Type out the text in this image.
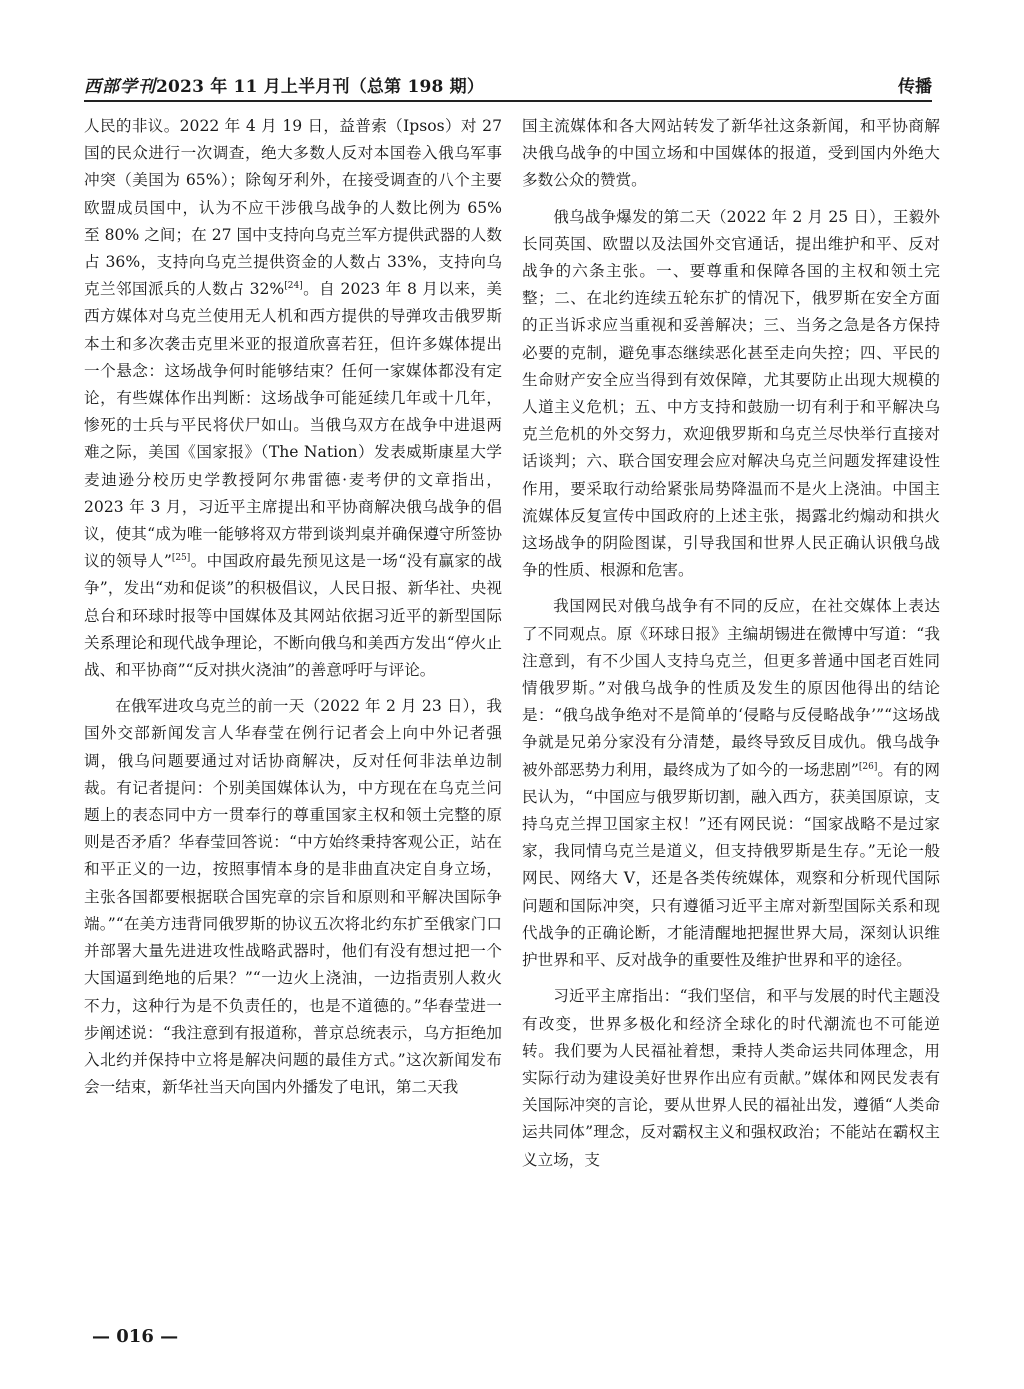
西部学刊2023 年 11 月上半月刊（总第 198 期）	传播

人民的非议。2022 年 4 月 19 日，益普索（Ipsos）对 27 国的民众进行一次调查，绝大多数人反对本国卷入俄乌军事冲突（美国为 65%）；除匈牙利外，在接受调查的八个主要欧盟成员国中，认为不应干涉俄乌战争的人数比例为 65% 至 80% 之间；在 27 国中支持向乌克兰军方提供武器的人数占 36%，支持向乌克兰提供资金的人数占 33%，支持向乌克兰邻国派兵的人数占 32%[24]。自 2023 年 8 月以来，美西方媒体对乌克兰使用无人机和西方提供的导弹攻击俄罗斯本土和多次袭击克里米亚的报道欣喜若狂，但许多媒体提出一个悬念：这场战争何时能够结束？任何一家媒体都没有定论，有些媒体作出判断：这场战争可能延续几年或十几年，惨死的士兵与平民将伏尸如山。当俄乌双方在战争中进退两难之际，美国《国家报》（The Nation）发表威斯康星大学麦迪逊分校历史学教授阿尔弗雷德·麦考伊的文章指出，2023 年 3 月，习近平主席提出和平协商解决俄乌战争的倡议，使其“成为唯一能够将双方带到谈判桌并确保遵守所签协议的领导人”[25]。中国政府最先预见这是一场“没有赢家的战争”，发出“劝和促谈”的积极倡议，人民日报、新华社、央视总台和环球时报等中国媒体及其网站依据习近平的新型国际关系理论和现代战争理论，不断向俄乌和美西方发出“停火止战、和平协商”“反对拱火浇油”的善意呼吁与评论。

在俄军进攻乌克兰的前一天（2022 年 2 月 23 日），我国外交部新闻发言人华春莹在例行记者会上向中外记者强调，俄乌问题要通过对话协商解决，反对任何非法单边制裁。有记者提问：个别美国媒体认为，中方现在在乌克兰问题上的表态同中方一贯奉行的尊重国家主权和领土完整的原则是否矛盾？华春莹回答说：“中方始终秉持客观公正，站在和平正义的一边，按照事情本身的是非曲直决定自身立场，主张各国都要根据联合国宪章的宗旨和原则和平解决国际争端。”“在美方违背同俄罗斯的协议五次将北约东扩至俄家门口并部署大量先进进攻性战略武器时，他们有没有想过把一个大国逼到绝地的后果？”“一边火上浇油，一边指责别人救火不力，这种行为是不负责任的，也是不道德的。”华春莹进一步阐述说：“我注意到有报道称，普京总统表示，乌方拒绝加入北约并保持中立将是解决问题的最佳方式。”这次新闻发布会一结束，新华社当天向国内外播发了电讯，第二天我

国主流媒体和各大网站转发了新华社这条新闻，和平协商解决俄乌战争的中国立场和中国媒体的报道，受到国内外绝大多数公众的赞赏。

俄乌战争爆发的第二天（2022 年 2 月 25 日），王毅外长同英国、欧盟以及法国外交官通话，提出维护和平、反对战争的六条主张。一、要尊重和保障各国的主权和领土完整；二、在北约连续五轮东扩的情况下，俄罗斯在安全方面的正当诉求应当重视和妥善解决；三、当务之急是各方保持必要的克制，避免事态继续恶化甚至走向失控；四、平民的生命财产安全应当得到有效保障，尤其要防止出现大规模的人道主义危机；五、中方支持和鼓励一切有利于和平解决乌克兰危机的外交努力，欢迎俄罗斯和乌克兰尽快举行直接对话谈判；六、联合国安理会应对解决乌克兰问题发挥建设性作用，要采取行动给紧张局势降温而不是火上浇油。中国主流媒体反复宣传中国政府的上述主张，揭露北约煽动和拱火这场战争的阴险图谋，引导我国和世界人民正确认识俄乌战争的性质、根源和危害。

我国网民对俄乌战争有不同的反应，在社交媒体上表达了不同观点。原《环球日报》主编胡锡进在微博中写道：“我注意到，有不少国人支持乌克兰，但更多普通中国老百姓同情俄罗斯。”对俄乌战争的性质及发生的原因他得出的结论是：“俄乌战争绝对不是简单的‘侵略与反侵略战争’”“这场战争就是兄弟分家没有分清楚，最终导致反目成仇。俄乌战争被外部恶势力利用，最终成为了如今的一场悲剧”[26]。有的网民认为，“中国应与俄罗斯切割，融入西方，获美国原谅，支持乌克兰捍卫国家主权！”还有网民说：“国家战略不是过家家，我同情乌克兰是道义，但支持俄罗斯是生存。”无论一般网民、网络大 V，还是各类传统媒体，观察和分析现代国际问题和国际冲突，只有遵循习近平主席对新型国际关系和现代战争的正确论断，才能清醒地把握世界大局，深刻认识维护世界和平、反对战争的重要性及维护世界和平的途径。

习近平主席指出：“我们坚信，和平与发展的时代主题没有改变，世界多极化和经济全球化的时代潮流也不可能逆转。我们要为人民福祉着想，秉持人类命运共同体理念，用实际行动为建设美好世界作出应有贡献。”媒体和网民发表有关国际冲突的言论，要从世界人民的福祉出发，遵循“人类命运共同体”理念，反对霸权主义和强权政治；不能站在霸权主义立场，支

— 016 —
